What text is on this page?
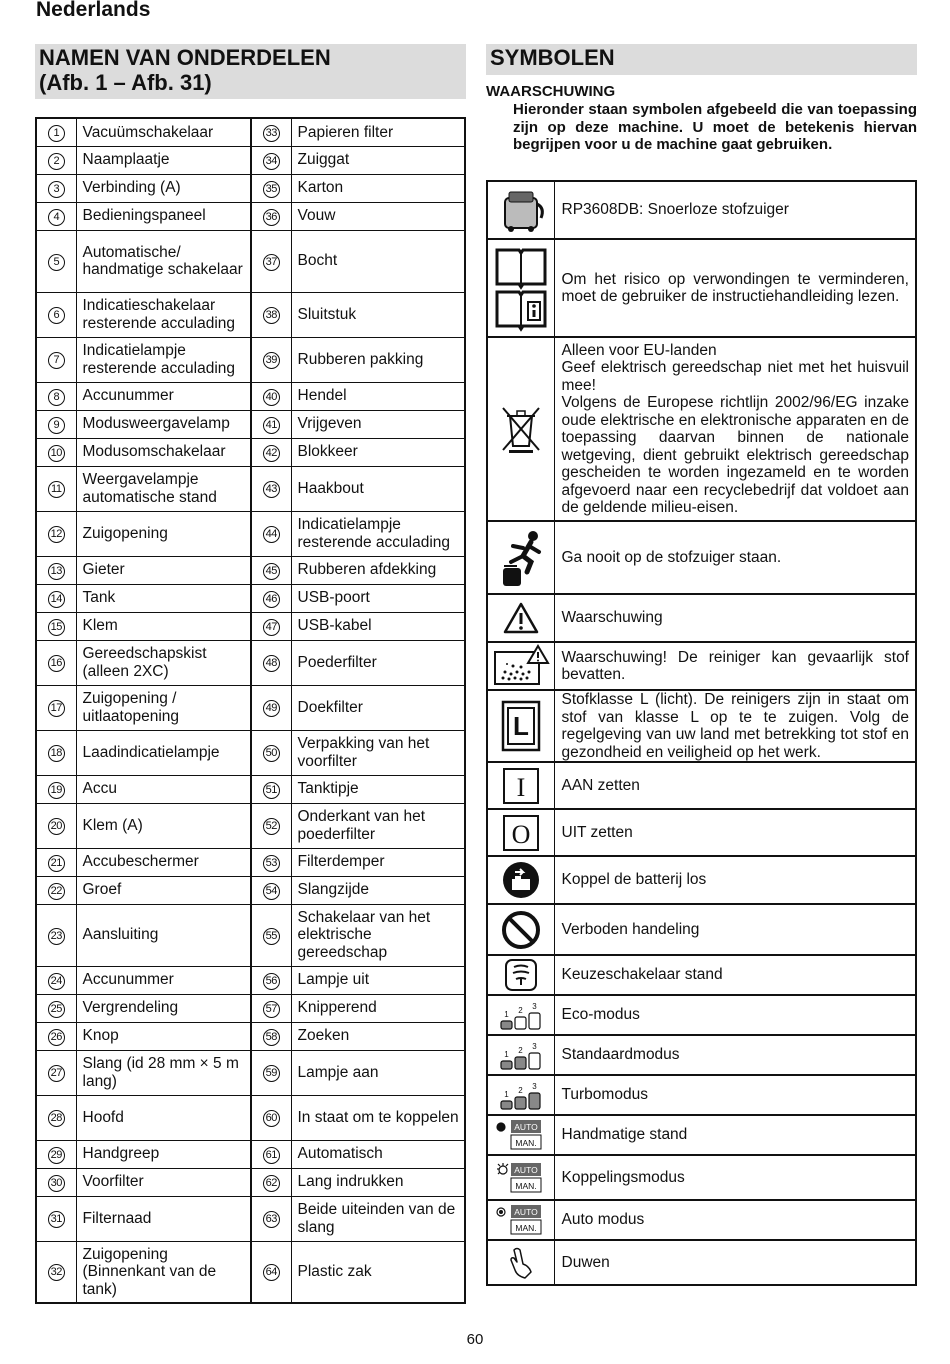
Nederlands
NAMEN VAN ONDERDELEN
(Afb. 1 – Afb. 31)
SYMBOLEN
WAARSCHUWING
Hieronder staan symbolen afgebeeld die van toepassing zijn op deze machine. U moet de betekenis hiervan begrijpen voor u de machine gaat gebruiken.
1	Vacuümschakelaar	33	Papieren filter
2	Naamplaatje	34	Zuiggat
3	Verbinding (A)	35	Karton
4	Bedieningspaneel	36	Vouw
5	Automatische/ handmatige schakelaar	37	Bocht
6	Indicatieschakelaar resterende acculading	38	Sluitstuk
7	Indicatielampje resterende acculading	39	Rubberen pakking
8	Accunummer	40	Hendel
9	Modusweergavelamp	41	Vrijgeven
10	Modusomschakelaar	42	Blokkeer
11	Weergavelampje automatische stand	43	Haakbout
12	Zuigopening	44	Indicatielampje resterende acculading
13	Gieter	45	Rubberen afdekking
14	Tank	46	USB-poort
15	Klem	47	USB-kabel
16	Gereedschapskist (alleen 2XC)	48	Poederfilter
17	Zuigopening / uitlaatopening	49	Doekfilter
18	Laadindicatielampje	50	Verpakking van het voorfilter
19	Accu	51	Tanktipje
20	Klem (A)	52	Onderkant van het poederfilter
21	Accubeschermer	53	Filterdemper
22	Groef	54	Slangzijde
23	Aansluiting	55	Schakelaar van het elektrische gereedschap
24	Accunummer	56	Lampje uit
25	Vergrendeling	57	Knipperend
26	Knop	58	Zoeken
27	Slang (id 28 mm × 5 m lang)	59	Lampje aan
28	Hoofd	60	In staat om te koppelen
29	Handgreep	61	Automatisch
30	Voorfilter	62	Lang indrukken
31	Filternaad	63	Beide uiteinden van de slang
32	Zuigopening (Binnenkant van de tank)	64	Plastic zak

RP3608DB: Snoerloze stofzuiger

Om het risico op verwondingen te verminderen, moet de gebruiker de instructiehandleiding lezen.

Alleen voor EU-landen
Geef elektrisch gereedschap niet met het huisvuil mee!
Volgens de Europese richtlijn 2002/96/EG inzake oude elektrische en elektronische apparaten en de toepassing daarvan binnen de nationale wetgeving, dient gebruikt elektrisch gereedschap gescheiden te worden ingezameld en te worden afgevoerd naar een recyclebedrijf dat voldoet aan de geldende milieu-eisen.

Ga nooit op de stofzuiger staan.

Waarschuwing

Waarschuwing! De reiniger kan gevaarlijk stof bevatten.

L	Stofklasse L (licht). De reinigers zijn in staat om stof van klasse L op te te zuigen. Volg de regelgeving van uw land met betrekking tot stof en gezondheid en veiligheid op het werk.

I	AAN zetten

O	UIT zetten

Koppel de batterij los

Verboden handeling

Keuzeschakelaar stand

1 2 3	Eco-modus

1 2 3	Standaardmodus

1 2 3	Turbomodus

AUTO
MAN.	Handmatige stand

AUTO
MAN.	Koppelingsmodus

AUTO
MAN.	Auto modus

Duwen
60
